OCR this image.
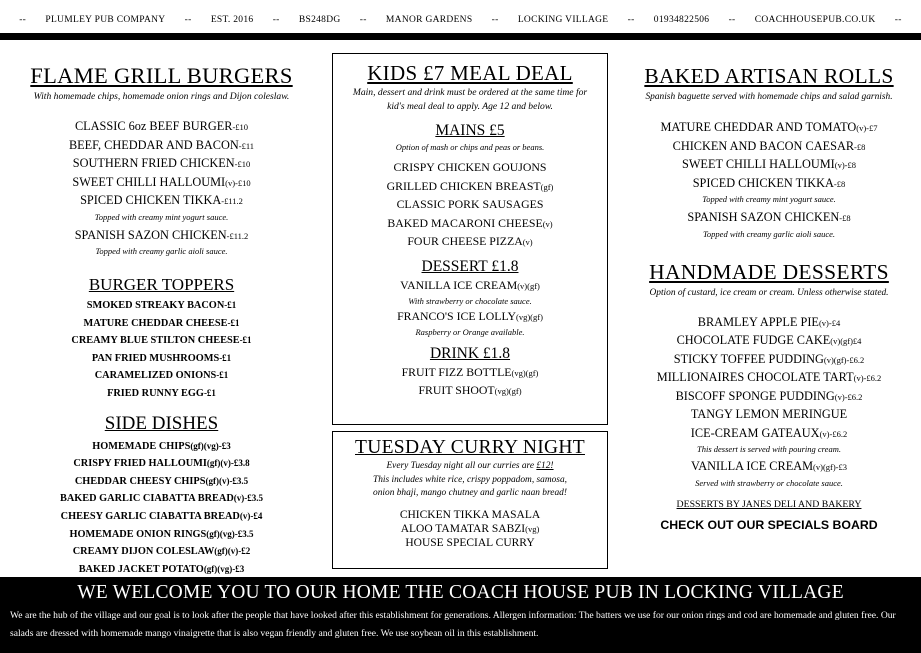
-- PLUMLEY PUB COMPANY -- EST. 2016 -- BS248DG -- MANOR GARDENS -- LOCKING VILLAGE -- 01934822506 -- COACHHOUSEPUB.CO.UK --

FLAME GRILL BURGERS

With homemade chips, homemade onion rings and Dijon coleslaw.

CLASSIC 6oz BEEF BURGER-£10

BEEF, CHEDDAR AND BACON-£11

SOUTHERN FRIED CHICKEN-£10

SWEET CHILLI HALLOUMI(v)-£10

SPICED CHICKEN TIKKA-£11.2

Topped with creamy mint yogurt sauce.

SPANISH SAZON CHICKEN-£11.2

Topped with creamy garlic aioli sauce.

BURGER TOPPERS

SMOKED STREAKY BACON-£1

MATURE CHEDDAR CHEESE-£1

CREAMY BLUE STILTON CHEESE-£1

PAN FRIED MUSHROOMS-£1

CARAMELIZED ONIONS-£1

FRIED RUNNY EGG-£1

SIDE DISHES

HOMEMADE CHIPS(gf)(vg)-£3

CRISPY FRIED HALLOUMI(gf)(v)-£3.8

CHEDDAR CHEESY CHIPS(gf)(v)-£3.5

BAKED GARLIC CIABATTA BREAD(v)-£3.5

CHEESY GARLIC CIABATTA BREAD(v)-£4

HOMEMADE ONION RINGS(gf)(vg)-£3.5

CREAMY DIJON COLESLAW(gf)(v)-£2

BAKED JACKET POTATO(gf)(vg)-£3

KIDS £7 MEAL DEAL

Main, dessert and drink must be ordered at the same time for kid's meal deal to apply. Age 12 and below.

MAINS £5

Option of mash or chips and peas or beans.

CRISPY CHICKEN GOUJONS

GRILLED CHICKEN BREAST(gf)

CLASSIC PORK SAUSAGES

BAKED MACARONI CHEESE(v)

FOUR CHEESE PIZZA(v)

DESSERT £1.8

VANILLA ICE CREAM(v)(gf)

With strawberry or chocolate sauce.

FRANCO'S ICE LOLLY(vg)(gf)

Raspberry or Orange available.

DRINK £1.8

FRUIT FIZZ BOTTLE(vg)(gf)

FRUIT SHOOT(vg)(gf)

TUESDAY CURRY NIGHT

Every Tuesday night all our curries are £12!

This includes white rice, crispy poppadom, samosa,

onion bhaji, mango chutney and garlic naan bread!

CHICKEN TIKKA MASALA

ALOO TAMATAR SABZI(vg)

HOUSE SPECIAL CURRY

BAKED ARTISAN ROLLS

Spanish baguette served with homemade chips and salad garnish.

MATURE CHEDDAR AND TOMATO(v)-£7

CHICKEN AND BACON CAESAR-£8

SWEET CHILLI HALLOUMI(v)-£8

SPICED CHICKEN TIKKA-£8

Topped with creamy mint yogurt sauce.

SPANISH SAZON CHICKEN-£8

Topped with creamy garlic aioli sauce.

HANDMADE DESSERTS

Option of custard, ice cream or cream. Unless otherwise stated.

BRAMLEY APPLE PIE(v)-£4

CHOCOLATE FUDGE CAKE(v)(gf)£4

STICKY TOFFEE PUDDING(v)(gf)-£6.2

MILLIONAIRES CHOCOLATE TART(v)-£6.2

BISCOFF SPONGE PUDDING(v)-£6.2

TANGY LEMON MERINGUE

ICE-CREAM GATEAUX(v)-£6.2

This dessert is served with pouring cream.

VANILLA ICE CREAM(v)(gf)-£3

Served with strawberry or chocolate sauce.

DESSERTS BY JANES DELI AND BAKERY

CHECK OUT OUR SPECIALS BOARD

WE WELCOME YOU TO OUR HOME THE COACH HOUSE PUB IN LOCKING VILLAGE
We are the hub of the village and our goal is to look after the people that have looked after this establishment for generations. Allergen information: The batters we use for our onion rings and cod are homemade and gluten free. Our salads are dressed with homemade mango vinaigrette that is also vegan friendly and gluten free. We use soybean oil in this establishment.
